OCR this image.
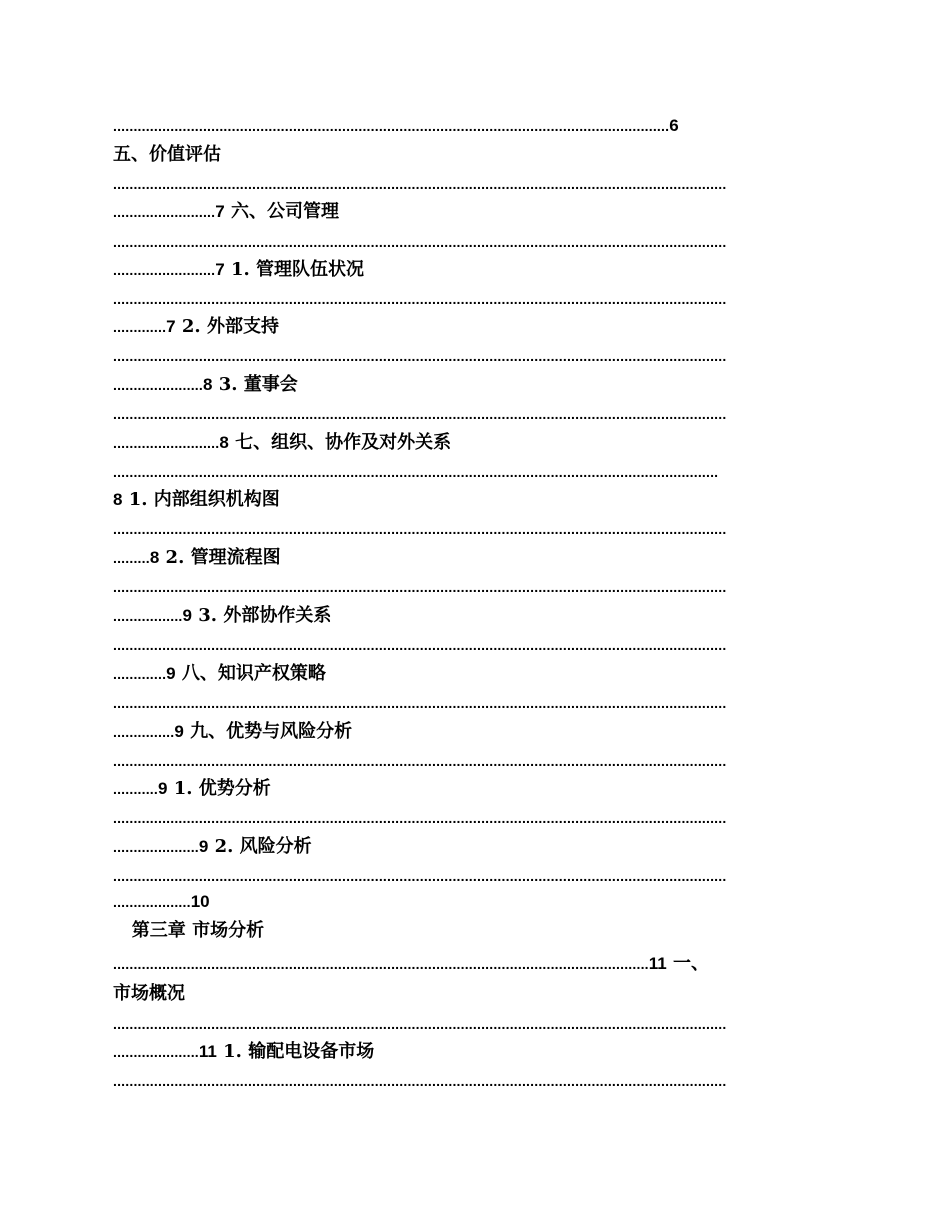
........................................................................................................................................6
五、价值评估
......................................................................................................................................................
.........................7 六、公司管理
......................................................................................................................................................
.........................7 1. 管理队伍状况
......................................................................................................................................................
.............7 2. 外部支持
......................................................................................................................................................
......................8 3. 董事会
......................................................................................................................................................
..........................8 七、组织、协作及对外关系
....................................................................................................................................................
8 1. 内部组织机构图
......................................................................................................................................................
.........8 2. 管理流程图
......................................................................................................................................................
.................9 3. 外部协作关系
......................................................................................................................................................
.............9 八、知识产权策略
......................................................................................................................................................
...............9 九、优势与风险分析
......................................................................................................................................................
...........9 1. 优势分析
......................................................................................................................................................
.....................9 2. 风险分析
......................................................................................................................................................
...................10
第三章 市场分析
...................................................................................................................................11 一、
市场概况
......................................................................................................................................................
.....................11 1. 输配电设备市场
......................................................................................................................................................
